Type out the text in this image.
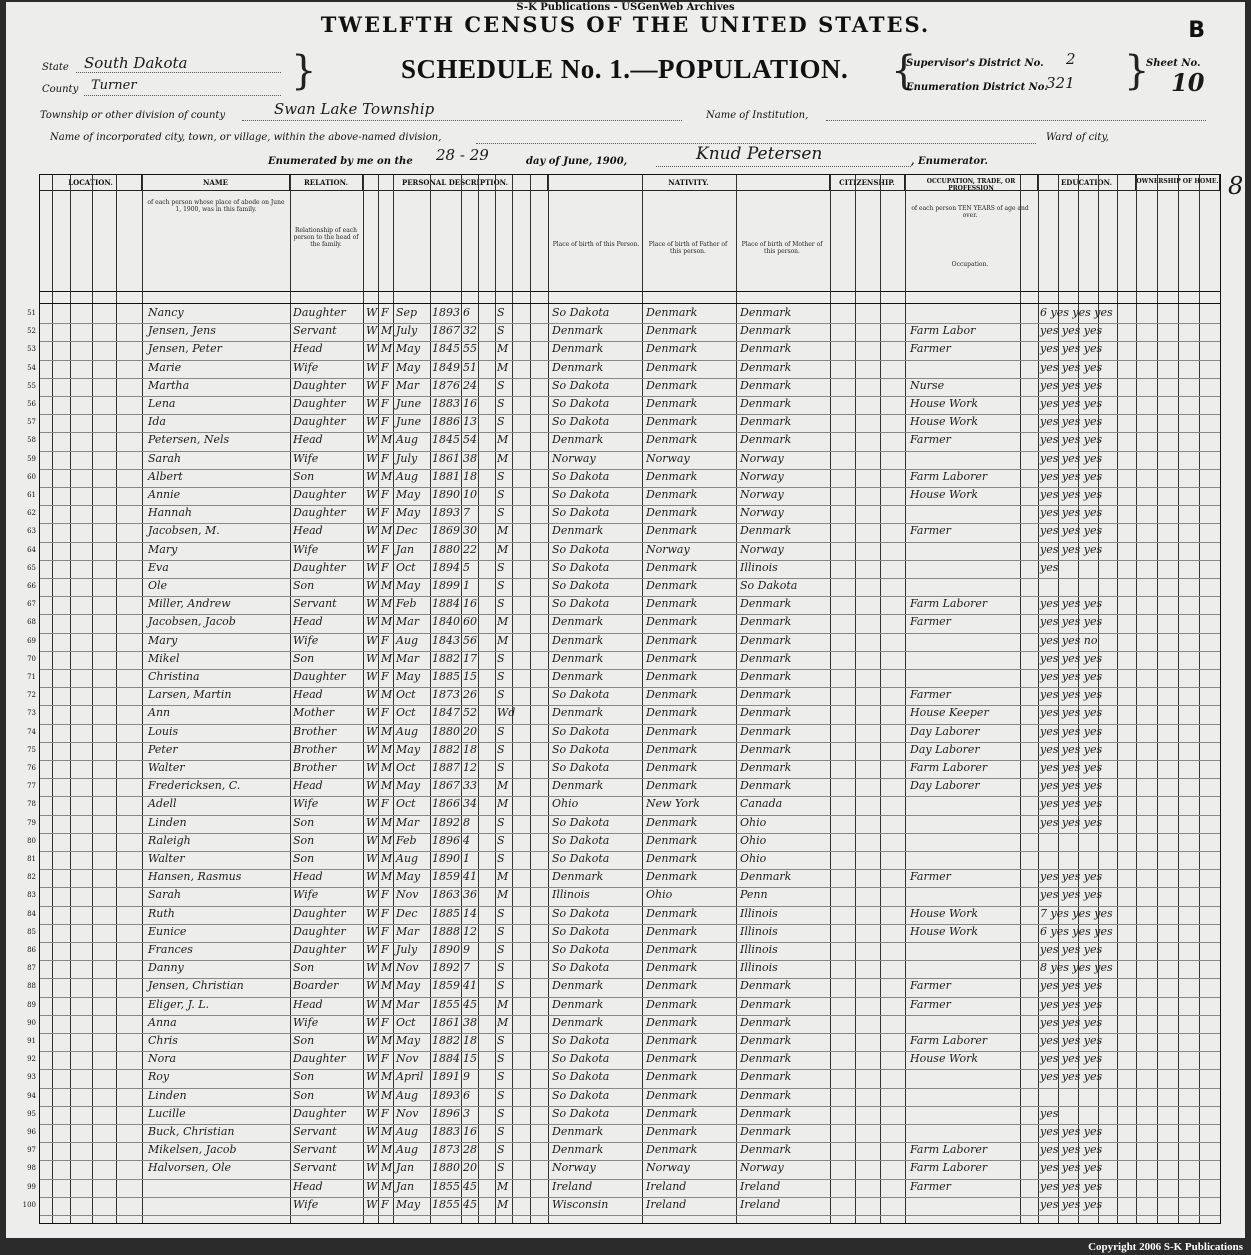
S-K Publications - USGenWeb Archives
TWELFTH CENSUS OF THE UNITED STATES.	B
State South Dakota
County Turner	}	SCHEDULE No. 1.—POPULATION. {
Supervisor's District No. 2
Enumeration District No.
321 }
Sheet No.
10
Township or other division of county	Swan Lake Township	Name of Institution,
Name of incorporated city, town, or village, within the above-named division,	Ward of city,
Enumerated by me on the 28 - 29	day of June, 1900,	Knud Petersen	, Enumerator.
8
LOCATION.	NAME	RELATION.	PERSONAL DESCRIPTION.	NATIVITY.	CITIZENSHIP.	OCCUPATION, TRADE, OR PROFESSION
EDUCATION.	OWNERSHIP OF HOME.
of each person whose place of abode on June 1, 1900, was in this family.
Relationship of each person to the head of the family.	Place of birth of this Person.	Place of birth of Father of this person.
Place of birth of Mother of this person.
of each person TEN YEARS of age and over.
Occupation.
51	Nancy	Daughter	W F Sep	1893 6	S	So Dakota	Denmark	Denmark	6 yes yes yes
52	Jensen, Jens	Servant	W M July	1867 32 S	Denmark	Denmark	Denmark	Farm Labor	yes yes yes
53	Jensen, Peter	Head	W M May	1845 55 M	Denmark	Denmark	Denmark	Farmer	yes yes yes
54	Marie	Wife	W F May	1849 51 M	Denmark	Denmark	Denmark	yes yes yes
55	Martha	Daughter	W F Mar	1876 24 S	So Dakota	Denmark	Denmark	Nurse	yes yes yes
56	Lena	Daughter	W F June 1883 16 S	So Dakota	Denmark	Denmark	House Work	yes yes yes
57	Ida	Daughter	W F June 1886 13 S	So Dakota	Denmark	Denmark	House Work	yes yes yes
58	Petersen, Nels	Head	W M Aug	1845 54 M	Denmark	Denmark	Denmark	Farmer	yes yes yes
59	Sarah	Wife	W F July	1861 38 M	Norway	Norway	Norway	yes yes yes
60	Albert	Son	W M Aug	1881 18 S	So Dakota	Denmark	Norway	Farm Laborer	yes yes yes
61	Annie	Daughter	W F May	1890 10 S	So Dakota	Denmark	Norway	House Work	yes yes yes
62	Hannah	Daughter	W F May	1893 7	S	So Dakota	Denmark	Norway	yes yes yes
63	Jacobsen, M.	Head	W M Dec	1869 30 M	Denmark	Denmark	Denmark	Farmer	yes yes yes
64	Mary	Wife	W F Jan	1880 22 M	So Dakota	Norway	Norway	yes yes yes
65	Eva	Daughter	W F Oct	1894 5	S	So Dakota	Denmark	Illinois	yes
66	Ole	Son	W M May	1899 1	S	So Dakota	Denmark	So Dakota
67	Miller, Andrew	Servant	W M Feb	1884 16 S	So Dakota	Denmark	Denmark	Farm Laborer	yes yes yes
68	Jacobsen, Jacob	Head	W M Mar	1840 60 M	Denmark	Denmark	Denmark	Farmer	yes yes yes
69	Mary	Wife	W F Aug	1843 56 M	Denmark	Denmark	Denmark	yes yes no
70	Mikel	Son	W M Mar	1882 17 S	Denmark	Denmark	Denmark	yes yes yes
71	Christina	Daughter	W F May	1885 15 S	Denmark	Denmark	Denmark	yes yes yes
72	Larsen, Martin	Head	W M Oct	1873 26 S	So Dakota	Denmark	Denmark	Farmer	yes yes yes
73	Ann	Mother	W F Oct	1847 52 Wd	Denmark	Denmark	Denmark	House Keeper	yes yes yes
74	Louis	Brother	W M Aug	1880 20 S	So Dakota	Denmark	Denmark	Day Laborer	yes yes yes
75	Peter	Brother	W M May	1882 18 S	So Dakota	Denmark	Denmark	Day Laborer	yes yes yes
76	Walter	Brother	W M Oct	1887 12 S	So Dakota	Denmark	Denmark	Farm Laborer	yes yes yes
77	Fredericksen, C.	Head	W M May	1867 33 M	Denmark	Denmark	Denmark	Day Laborer	yes yes yes
78	Adell	Wife	W F Oct	1866 34 M	Ohio	New York	Canada	yes yes yes
79	Linden	Son	W M Mar	1892 8	S	So Dakota	Denmark	Ohio	yes yes yes
80	Raleigh	Son	W M Feb	1896 4	S	So Dakota	Denmark	Ohio
81	Walter	Son	W M Aug	1890 1	S	So Dakota	Denmark	Ohio
82	Hansen, Rasmus	Head	W M May	1859 41 M	Denmark	Denmark	Denmark	Farmer	yes yes yes
83	Sarah	Wife	W F Nov	1863 36 M	Illinois	Ohio	Penn	yes yes yes
84	Ruth	Daughter	W F Dec	1885 14 S	So Dakota	Denmark	Illinois	House Work	7 yes yes yes
85	Eunice	Daughter	W F Mar	1888 12 S	So Dakota	Denmark	Illinois	House Work	6 yes yes yes
86	Frances	Daughter	W F July	1890 9	S	So Dakota	Denmark	Illinois	yes yes yes
87	Danny	Son	W M Nov	1892 7	S	So Dakota	Denmark	Illinois	8 yes yes yes
88	Jensen, Christian	Boarder	W M May	1859 41 S	Denmark	Denmark	Denmark	Farmer	yes yes yes
89	Eliger, J. L.	Head	W M Mar	1855 45 M	Denmark	Denmark	Denmark	Farmer	yes yes yes
90	Anna	Wife	W F Oct	1861 38 M	Denmark	Denmark	Denmark	yes yes yes
91	Chris	Son	W M May	1882 18 S	So Dakota	Denmark	Denmark	Farm Laborer	yes yes yes
92	Nora	Daughter	W F Nov	1884 15 S	So Dakota	Denmark	Denmark	House Work	yes yes yes
93	Roy	Son	W M April 1891 9	S	So Dakota	Denmark	Denmark	yes yes yes
94	Linden	Son	W M Aug	1893 6	S	So Dakota	Denmark	Denmark
95	Lucille	Daughter	W F Nov	1896 3	S	So Dakota	Denmark	Denmark	yes
96	Buck, Christian	Servant	W M Aug	1883 16 S	Denmark	Denmark	Denmark	yes yes yes
97	Mikelsen, Jacob	Servant	W M Aug	1873 28 S	Denmark	Denmark	Denmark	Farm Laborer	yes yes yes
98	Halvorsen, Ole	Servant	W M Jan	1880 20 S	Norway	Norway	Norway	Farm Laborer	yes yes yes
99	Head	W M Jan	1855 45 M	Ireland	Ireland	Ireland	Farmer	yes yes yes
100	Wife	W F May	1855 45 M	Wisconsin	Ireland	Ireland	yes yes yes
Copyright 2006 S-K Publications
